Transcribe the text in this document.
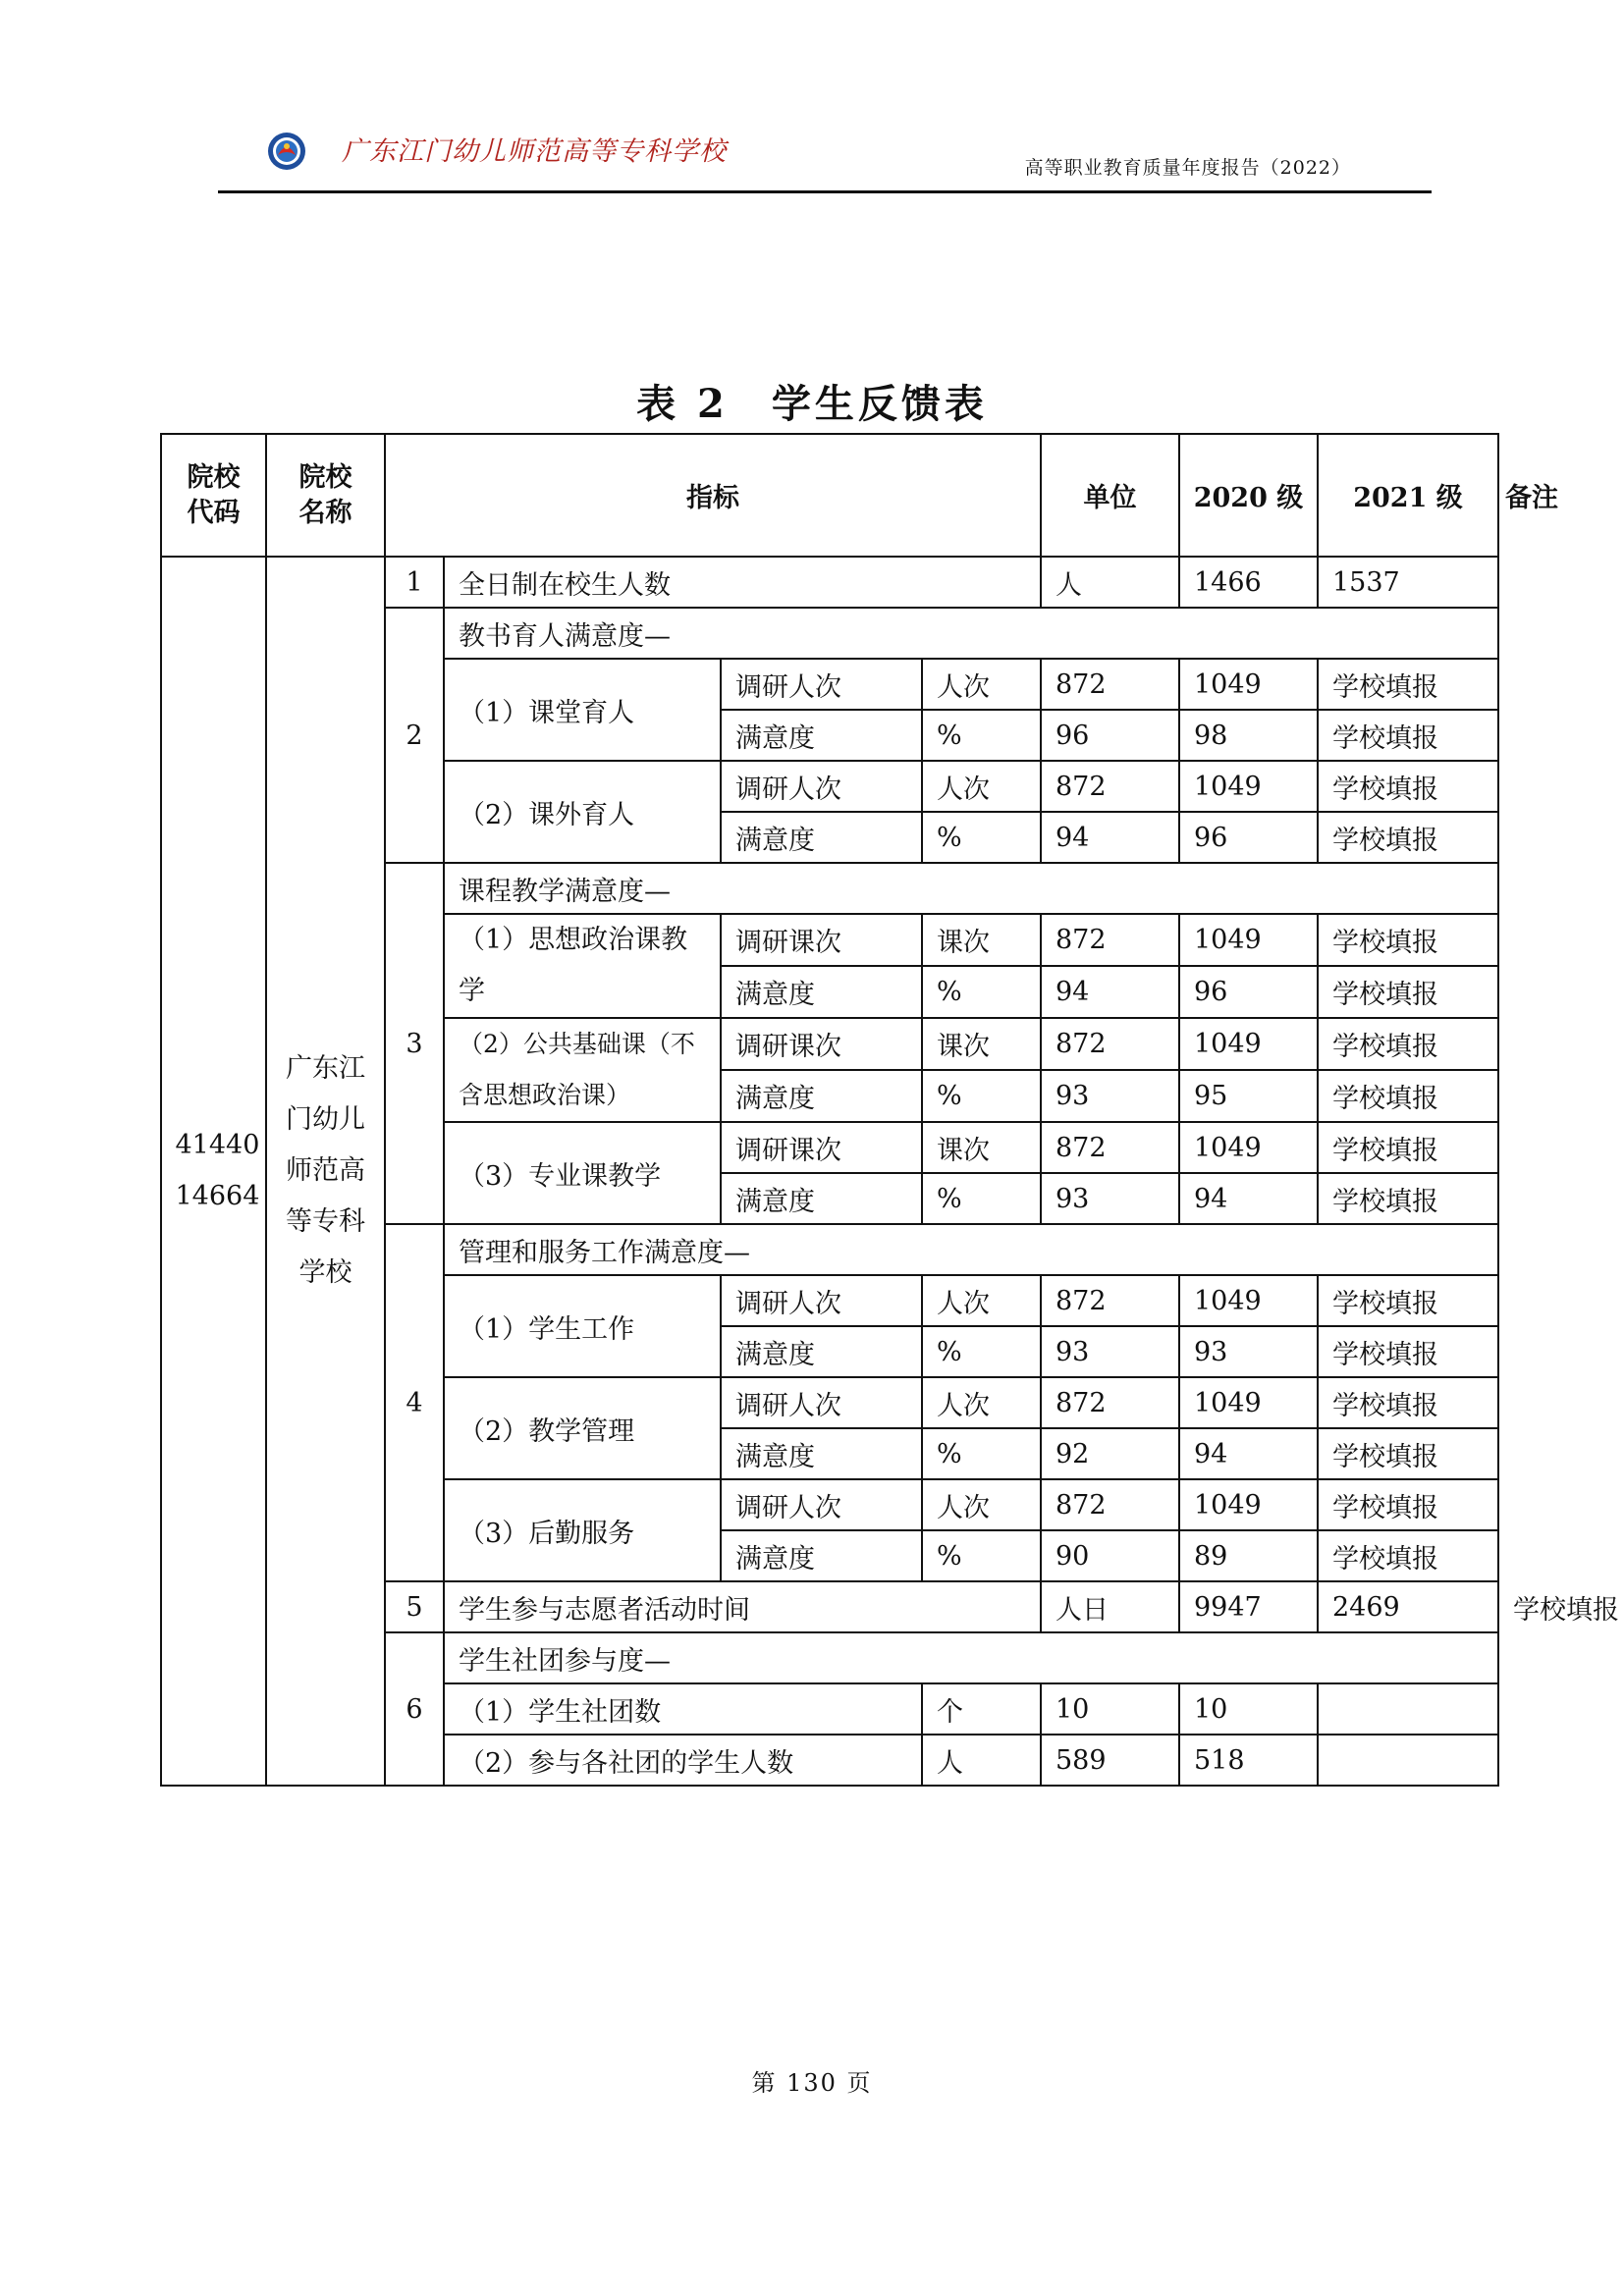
广东江门幼儿师范高等专科学校
高等职业教育质量年度报告（2022）
表 2　学生反馈表
院校代码	院校名称	指标				单位	2020 级	2021 级	备注

41440 14664	广东江门幼儿师范高等专科学校	1	全日制在校生人数			人	1466	1537	
		2	教书育人满意度—						
			（1）课堂育人	调研人次	人次	872	1049	学校填报	
				满意度	%	96	98	学校填报	
			（2）课外育人	调研人次	人次	872	1049	学校填报	
				满意度	%	94	96	学校填报	
		3	课程教学满意度—						
			（1）思想政治课教学	调研课次	课次	872	1049	学校填报	
				满意度	%	94	96	学校填报	
			（2）公共基础课（不含思想政治课）	调研课次	课次	872	1049	学校填报	
				满意度	%	93	95	学校填报	
			（3）专业课教学	调研课次	课次	872	1049	学校填报	
				满意度	%	93	94	学校填报	
		4	管理和服务工作满意度—						
			（1）学生工作	调研人次	人次	872	1049	学校填报	
				满意度	%	93	93	学校填报	
			（2）教学管理	调研人次	人次	872	1049	学校填报	
				满意度	%	92	94	学校填报	
			（3）后勤服务	调研人次	人次	872	1049	学校填报	
				满意度	%	90	89	学校填报	
		5	学生参与志愿者活动时间			人日	9947	2469	学校填报
		6	学生社团参与度—						
			（1）学生社团数		个	10	10		
			（2）参与各社团的学生人数		人	589	518		
第 130 页
